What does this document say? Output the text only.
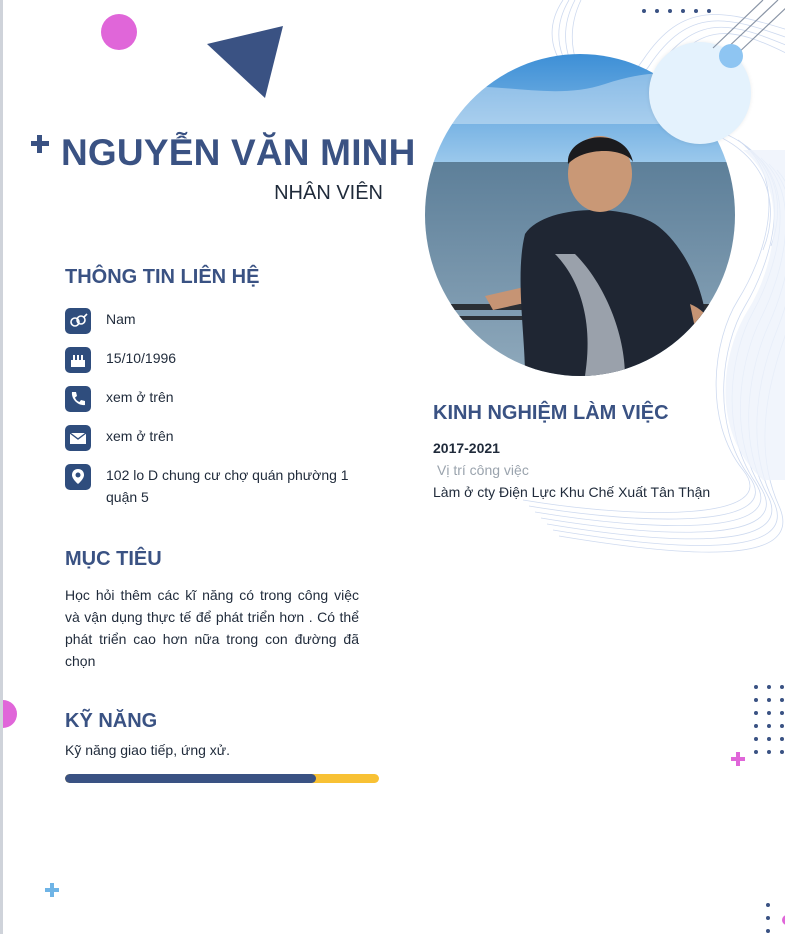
NGUYỄN VĂN MINH
NHÂN VIÊN
THÔNG TIN LIÊN HỆ
Nam
15/10/1996
xem ở trên
xem ở trên
102 lo D chung cư chợ quán phường 1 quận 5
MỤC TIÊU
Học hỏi thêm các kĩ năng có trong công việc và vận dụng thực tế để phát triển hơn . Có thể phát triển cao hơn nữa trong con đường đã chọn
KỸ NĂNG
Kỹ năng giao tiếp, ứng xử.
KINH NGHIỆM LÀM VIỆC
2017-2021
Vị trí công việc
Làm ở cty Điện Lực Khu Chế Xuất Tân Thận
